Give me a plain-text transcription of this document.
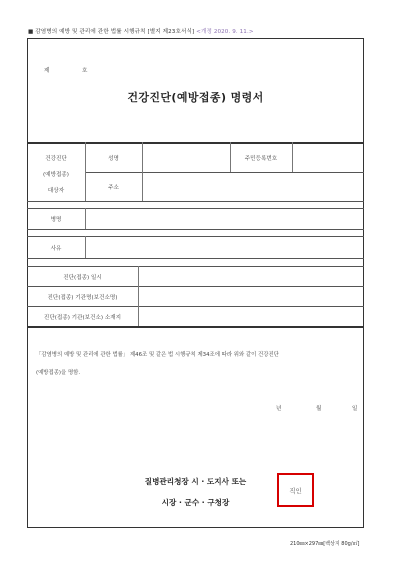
■ 감염병의 예방 및 관리에 관한 법률 시행규칙 [별지 제23호서식] <개정 2020. 9. 11.>
제	호
건강진단(예방접종) 명령서
건강진단
(예방접종)
대상자
성명	주민등록번호
주소
병명
사유
진단(접종) 일시
진단(접종) 기관명(보건소명)
진단(접종) 기관(보건소) 소재지
「감염병의 예방 및 관리에 관한 법률」 제46조 및 같은 법 시행규칙 제34조에 따라 위와 같이 건강진단
(예방접종)을 명함.
년	월	일
질병관리청장 시 · 도지사 또는
시장 · 군수 · 구청장
직인
210㎜×297㎜[백상지 80g/㎡]
